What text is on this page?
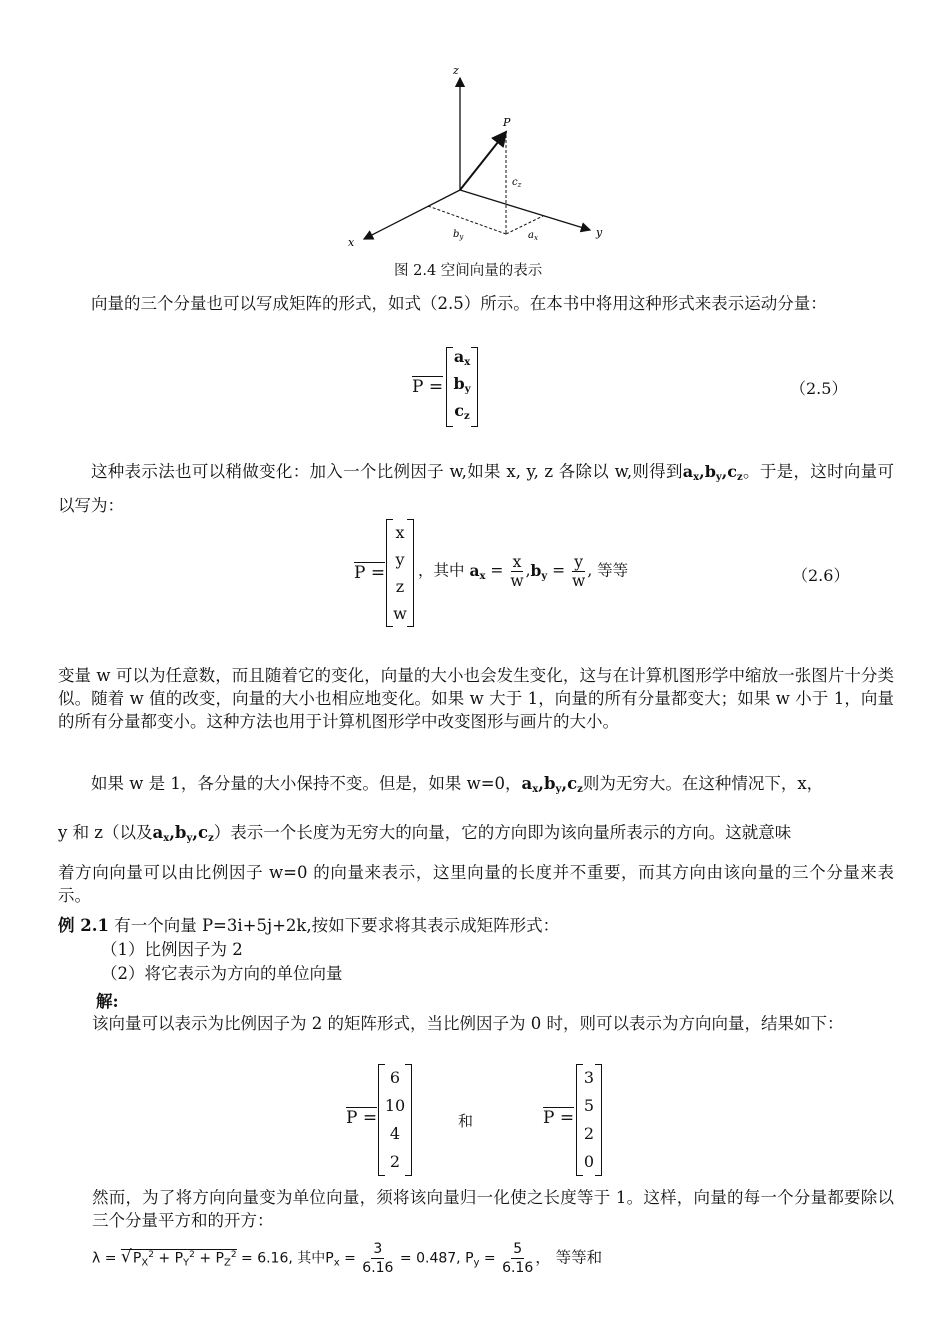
z
y
x
P
$c_z$
$b_y$	$a_x$
图 2.4 空间向量的表示
向量的三个分量也可以写成矩阵的形式，如式（2.5）所示。在本书中将用这种形式来表示运动分量：
P =
$a_x$
$b_y$
$c_z$
（2.5）
这种表示法也可以稍做变化：加入一个比例因子 w,如果 x, y, z 各除以 w,则得到$a_x,b_y,c_z$。于是，这时向量可以写为：
P =
x
y
z
w
，其中 $a_x = \frac{x}{w} ,b_y = \frac{y}{w}$ , 等等	（2.6）
变量 w 可以为任意数，而且随着它的变化，向量的大小也会发生变化，这与在计算机图形学中缩放一张图片十分类似。随着 w 值的改变，向量的大小也相应地变化。如果 w 大于 1，向量的所有分量都变大；如果 w 小于 1，向量的所有分量都变小。这种方法也用于计算机图形学中改变图形与画片的大小。
如果 w 是 1，各分量的大小保持不变。但是，如果 w=0，$a_x,b_y,c_z$则为无穷大。在这种情况下，x，
y 和 z（以及$a_x,b_y,c_z$）表示一个长度为无穷大的向量，它的方向即为该向量所表示的方向。这就意味
着方向向量可以由比例因子 w=0 的向量来表示，这里向量的长度并不重要，而其方向由该向量的三个分量来表示。
例 2.1 有一个向量 P=3i+5j+2k,按如下要求将其表示成矩阵形式：
（1）比例因子为 2
（2）将它表示为方向的单位向量
解:
该向量可以表示为比例因子为 2 的矩阵形式，当比例因子为 0 时，则可以表示为方向向量，结果如下：
P =
6
10
4
2
和	P =
3
5
2
0
然而，为了将方向向量变为单位向量，须将该向量归一化使之长度等于 1。这样，向量的每一个分量都要除以三个分量平方和的开方：
λ = √ $P_X^2 + P_Y^2 + P_Z^2 = 6.16$, 其中$P_x = \frac{3}{6.16} = 0.487$, $P_y = \frac{5}{6.16}$ ， 等等和
